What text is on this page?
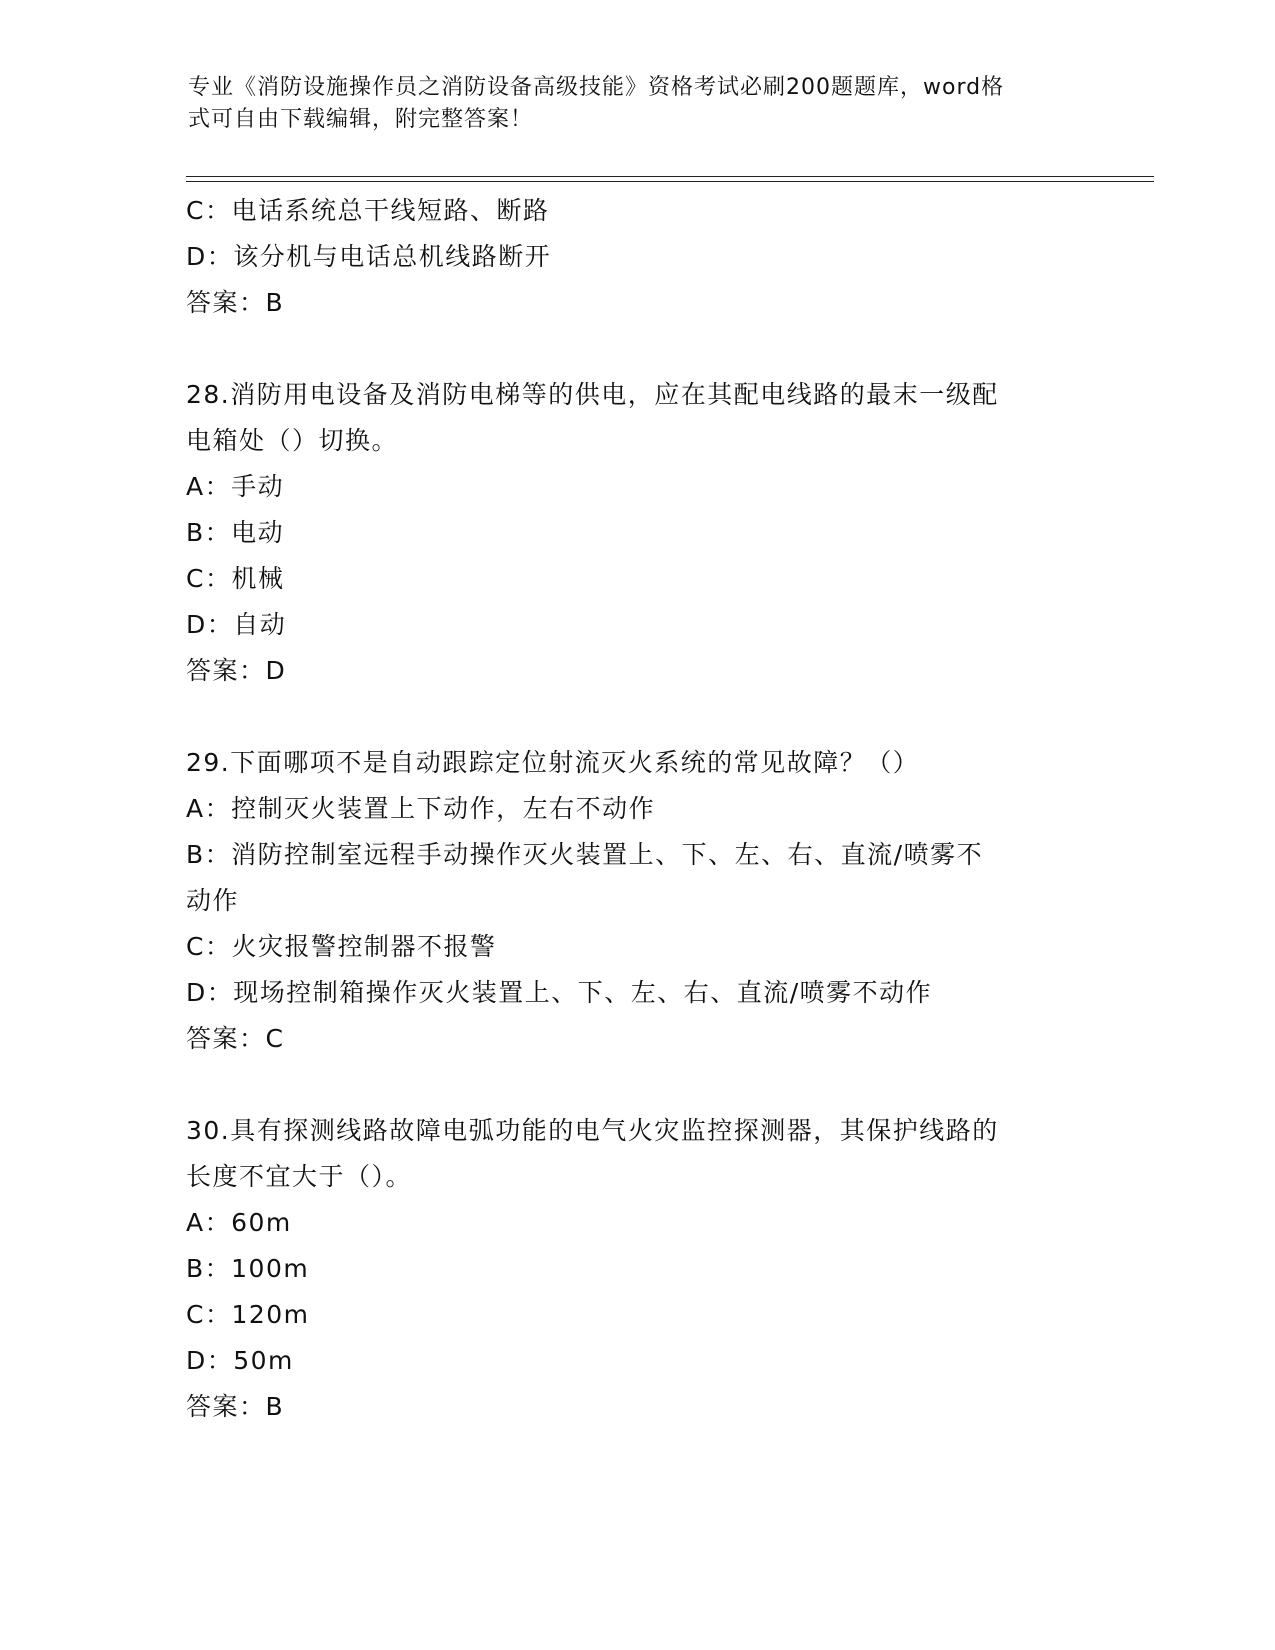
专业《消防设施操作员之消防设备高级技能》资格考试必刷200题题库，word格
式可自由下载编辑，附完整答案！
C：电话系统总干线短路、断路
D：该分机与电话总机线路断开
答案：B
28.消防用电设备及消防电梯等的供电，应在其配电线路的最末一级配
电箱处（）切换。
A：手动
B：电动
C：机械
D：自动
答案：D
29.下面哪项不是自动跟踪定位射流灭火系统的常见故障？（）
A：控制灭火装置上下动作，左右不动作
B：消防控制室远程手动操作灭火装置上、下、左、右、直流/喷雾不
动作
C：火灾报警控制器不报警
D：现场控制箱操作灭火装置上、下、左、右、直流/喷雾不动作
答案：C
30.具有探测线路故障电弧功能的电气火灾监控探测器，其保护线路的
长度不宜大于（）。
A：60m
B：100m
C：120m
D：50m
答案：B
